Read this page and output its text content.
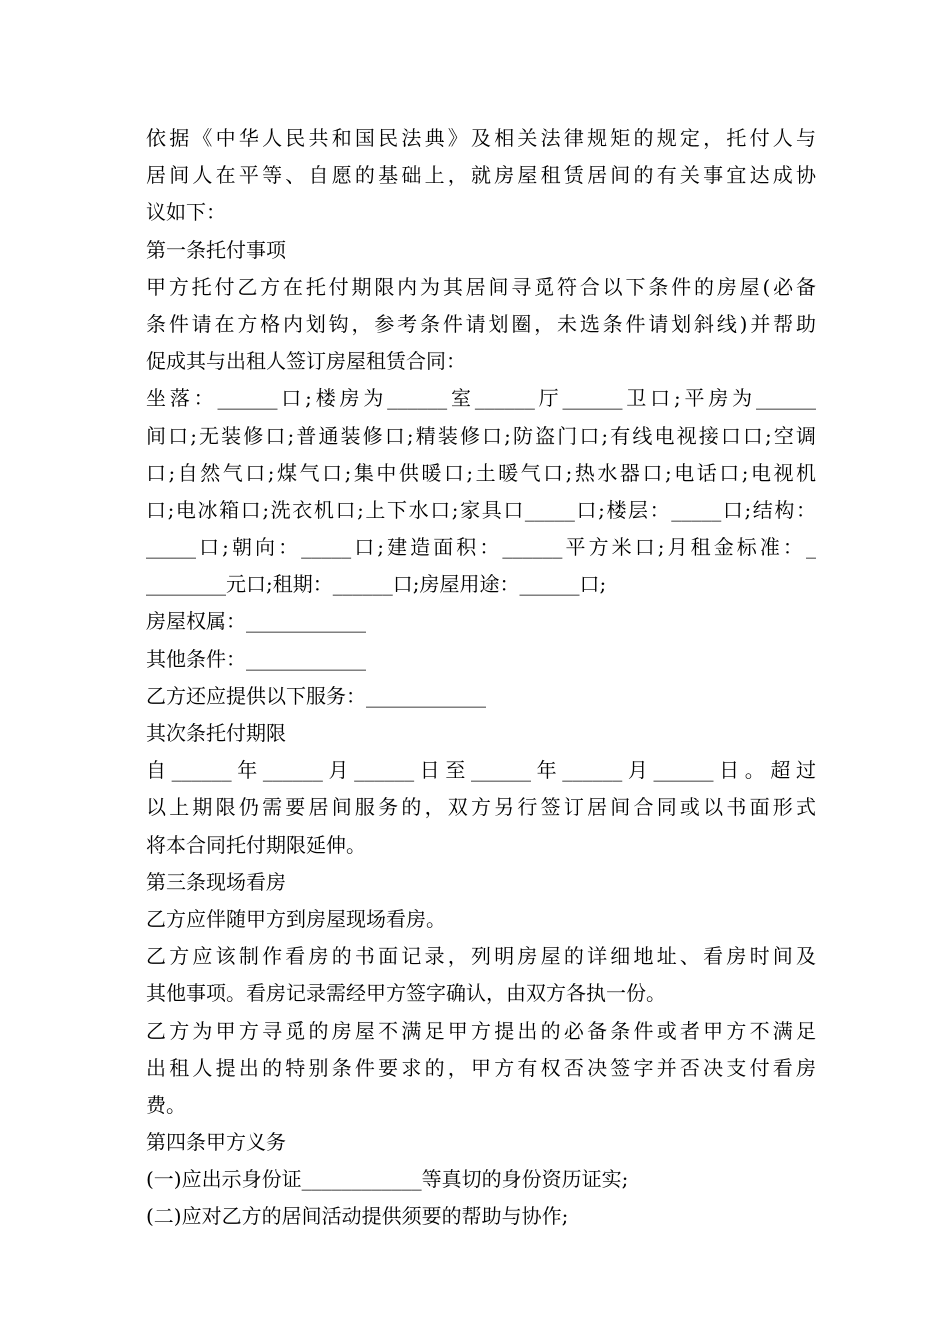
依据《中华人民共和国民法典》及相关法律规矩的规定，托付人与
居间人在平等、自愿的基础上，就房屋租赁居间的有关事宜达成协
议如下：
第一条托付事项
甲方托付乙方在托付期限内为其居间寻觅符合以下条件的房屋(必备
条件请在方格内划钩，参考条件请划圈，未选条件请划斜线)并帮助
促成其与出租人签订房屋租赁合同：
坐落：______口;楼房为______室______厅______卫口;平房为______
间口;无装修口;普通装修口;精装修口;防盗门口;有线电视接口口;空调
口;自然气口;煤气口;集中供暖口;土暖气口;热水器口;电话口;电视机
口;电冰箱口;洗衣机口;上下水口;家具口_____口;楼层：_____口;结构：
_____口;朝向：_____口;建造面积：______平方米口;月租金标准：_
________元口;租期：______口;房屋用途：______口;
房屋权属：____________
其他条件：____________
乙方还应提供以下服务：____________
其次条托付期限
自______年______月______日至______年______月______日。超过
以上期限仍需要居间服务的，双方另行签订居间合同或以书面形式
将本合同托付期限延伸。
第三条现场看房
乙方应伴随甲方到房屋现场看房。
乙方应该制作看房的书面记录，列明房屋的详细地址、看房时间及
其他事项。看房记录需经甲方签字确认，由双方各执一份。
乙方为甲方寻觅的房屋不满足甲方提出的必备条件或者甲方不满足
出租人提出的特别条件要求的，甲方有权否决签字并否决支付看房
费。
第四条甲方义务
(一)应出示身份证____________等真切的身份资历证实;
(二)应对乙方的居间活动提供须要的帮助与协作;
